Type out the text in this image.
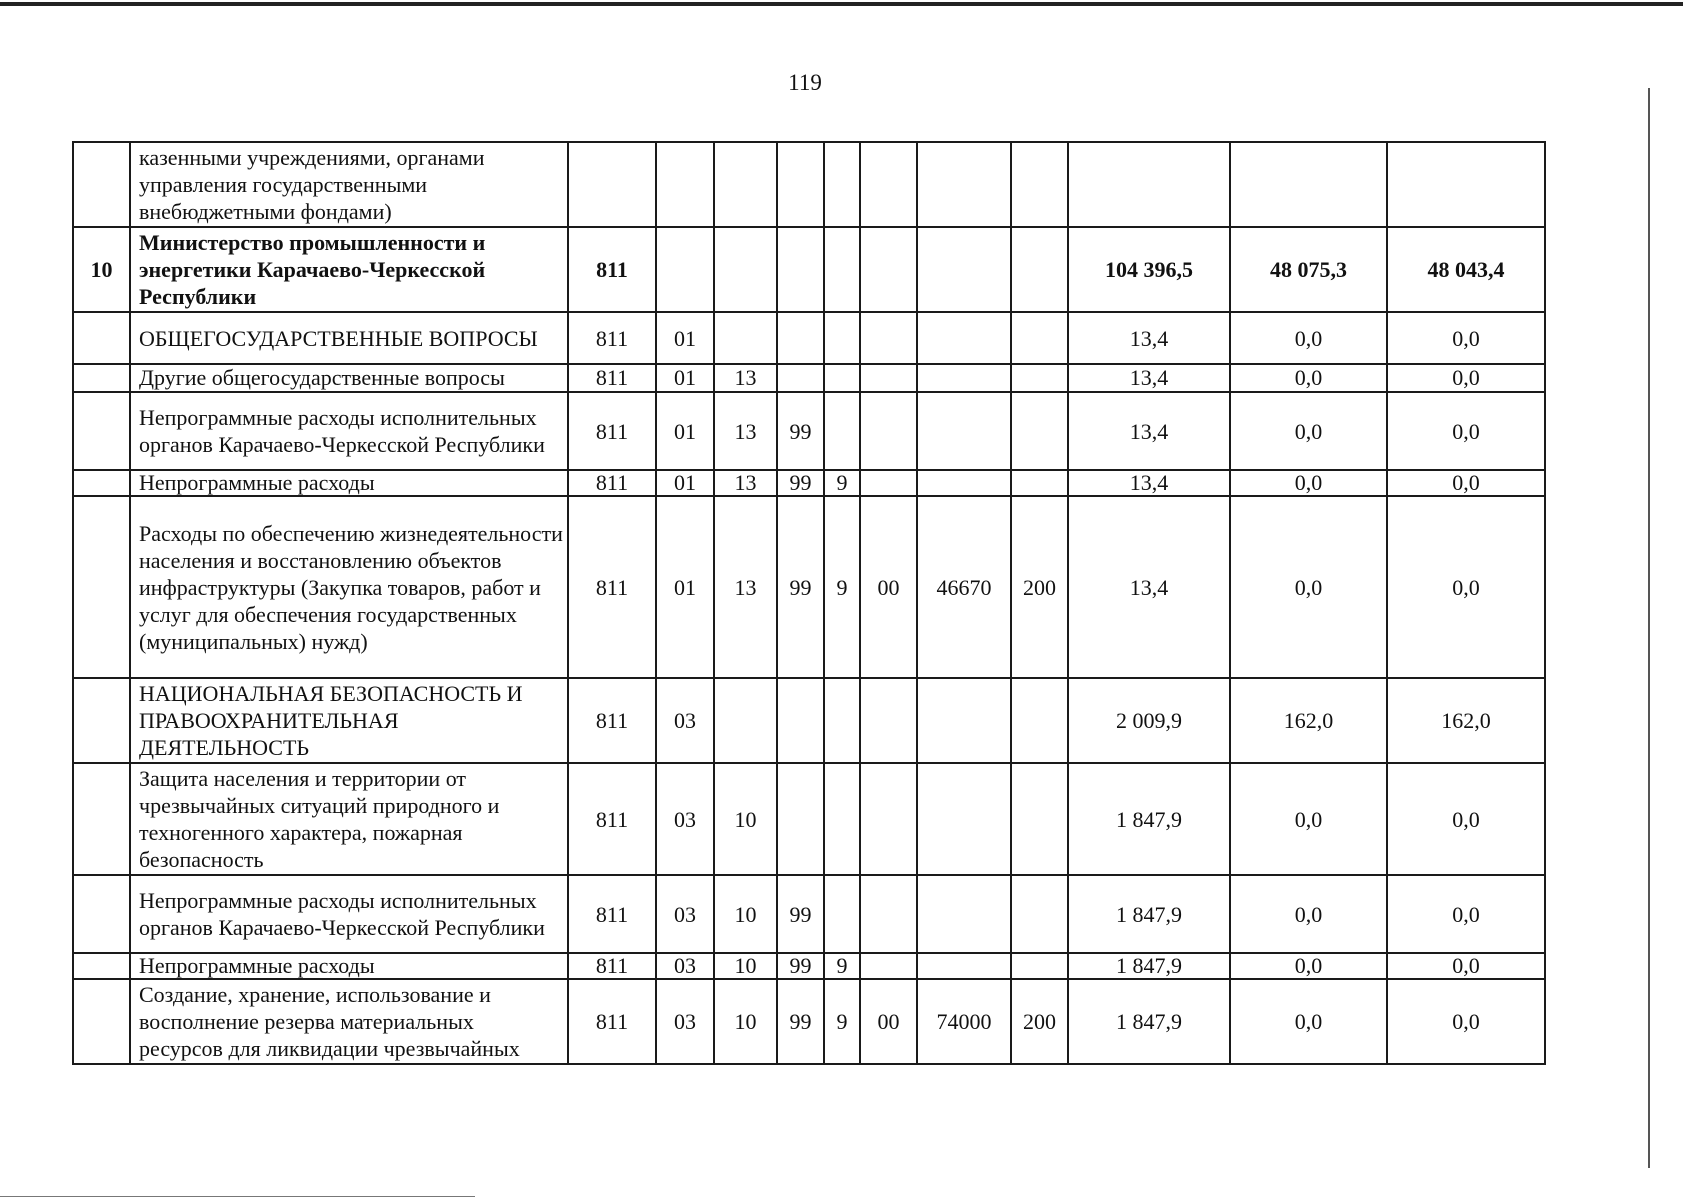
119
	казенными учреждениями, органами управления государственными внебюджетными фондами)											
10	Министерство промышленности и энергетики Карачаево-Черкесской Республики	811								104 396,5	48 075,3	48 043,4
	ОБЩЕГОСУДАРСТВЕННЫЕ ВОПРОСЫ	811	01							13,4	0,0	0,0
	Другие общегосударственные вопросы	811	01	13						13,4	0,0	0,0
	Непрограммные расходы исполнительных органов Карачаево-Черкесской Республики	811	01	13	99					13,4	0,0	0,0
	Непрограммные расходы	811	01	13	99	9				13,4	0,0	0,0
	Расходы по обеспечению жизнедеятельности населения и восстановлению объектов инфраструктуры (Закупка товаров, работ и услуг для обеспечения государственных (муниципальных) нужд)	811	01	13	99	9	00	46670	200	13,4	0,0	0,0
	НАЦИОНАЛЬНАЯ БЕЗОПАСНОСТЬ И ПРАВООХРАНИТЕЛЬНАЯ ДЕЯТЕЛЬНОСТЬ	811	03							2 009,9	162,0	162,0
	Защита населения и территории от чрезвычайных ситуаций природного и техногенного характера, пожарная безопасность	811	03	10						1 847,9	0,0	0,0
	Непрограммные расходы исполнительных органов Карачаево-Черкесской Республики	811	03	10	99					1 847,9	0,0	0,0
	Непрограммные расходы	811	03	10	99	9				1 847,9	0,0	0,0
	Создание, хранение, использование и восполнение резерва материальных ресурсов для ликвидации чрезвычайных	811	03	10	99	9	00	74000	200	1 847,9	0,0	0,0
